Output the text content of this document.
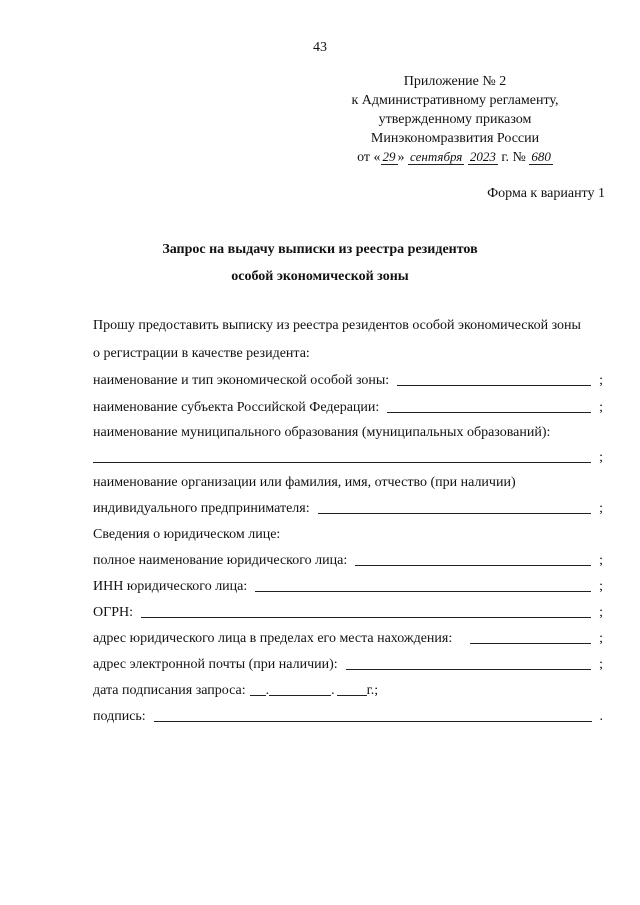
43
Приложение № 2
к Административному регламенту,
утвержденному приказом
Минэкономразвития России
от « 29 » сентября 2023 г. № 680
Форма к варианту 1
Запрос на выдачу выписки из реестра резидентов
особой экономической зоны
Прошу предоставить выписку из реестра резидентов особой экономической зоны
о регистрации в качестве резидента:
наименование и тип экономической особой зоны:	;
наименование субъекта Российской Федерации:	;
наименование муниципального образования (муниципальных образований):
;
наименование организации или фамилия, имя, отчество (при наличии)
индивидуального предпринимателя:	;
Сведения о юридическом лице:
полное наименование юридического лица:	;
ИНН юридического лица:	;
ОГРН:	;
адрес юридического лица в пределах его места нахождения:	;
адрес электронной почты (при наличии):	;
дата подписания запроса: .	. г.;
подпись:	.
